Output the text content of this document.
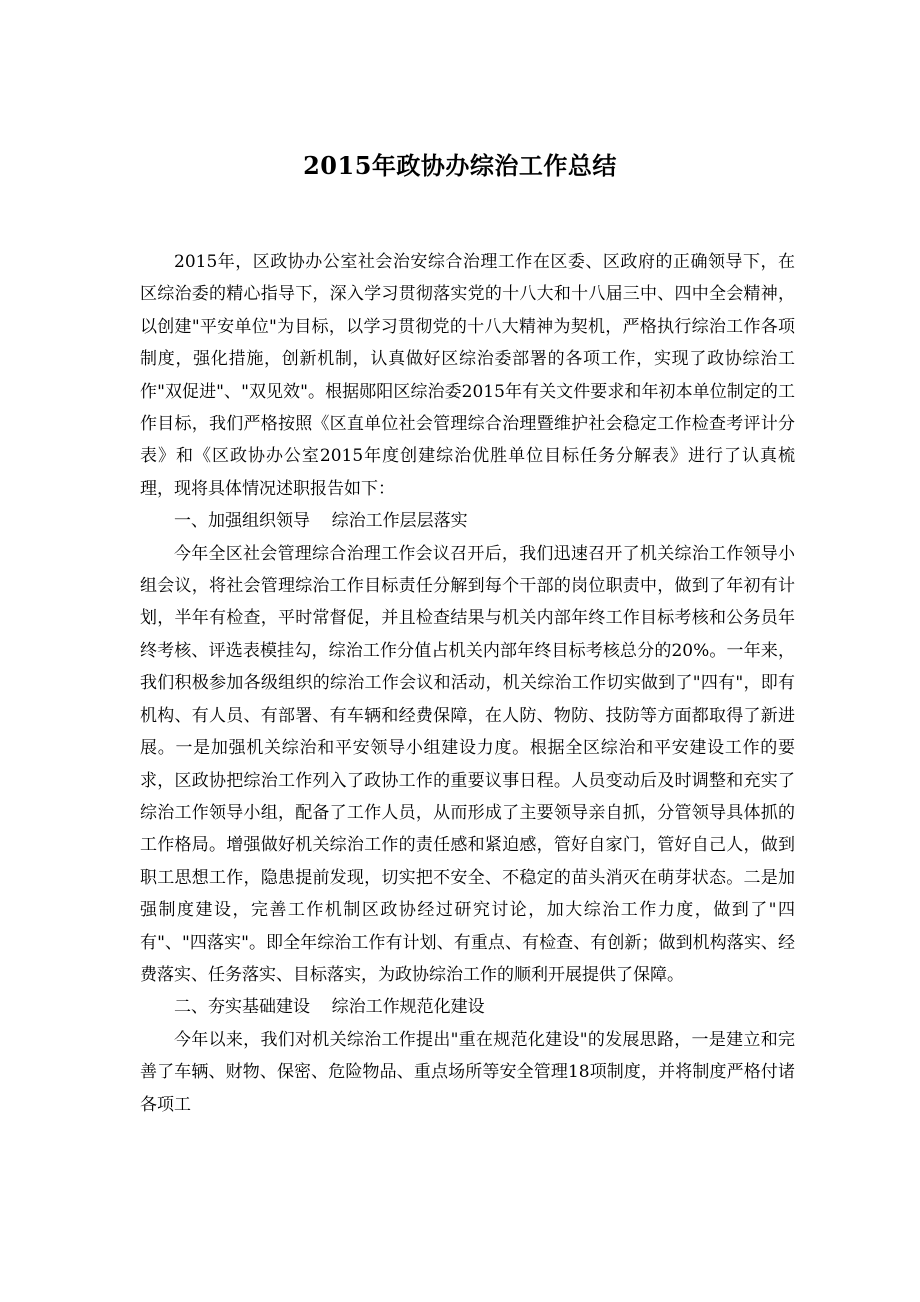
2015年政协办综治工作总结

2015年，区政协办公室社会治安综合治理工作在区委、区政府的正确领导下，在区综治委的精心指导下，深入学习贯彻落实党的十八大和十八届三中、四中全会精神，以创建"平安单位"为目标，以学习贯彻党的十八大精神为契机，严格执行综治工作各项制度，强化措施，创新机制，认真做好区综治委部署的各项工作，实现了政协综治工作"双促进"、"双见效"。根据郧阳区综治委2015年有关文件要求和年初本单位制定的工作目标，我们严格按照《区直单位社会管理综合治理暨维护社会稳定工作检查考评计分表》和《区政协办公室2015年度创建综治优胜单位目标任务分解表》进行了认真梳理，现将具体情况述职报告如下：

一、加强组织领导    综治工作层层落实

今年全区社会管理综合治理工作会议召开后，我们迅速召开了机关综治工作领导小组会议，将社会管理综治工作目标责任分解到每个干部的岗位职责中，做到了年初有计划，半年有检查，平时常督促，并且检查结果与机关内部年终工作目标考核和公务员年终考核、评选表模挂勾，综治工作分值占机关内部年终目标考核总分的20%。一年来，我们积极参加各级组织的综治工作会议和活动，机关综治工作切实做到了"四有"，即有机构、有人员、有部署、有车辆和经费保障，在人防、物防、技防等方面都取得了新进展。一是加强机关综治和平安领导小组建设力度。根据全区综治和平安建设工作的要求，区政协把综治工作列入了政协工作的重要议事日程。人员变动后及时调整和充实了综治工作领导小组，配备了工作人员，从而形成了主要领导亲自抓，分管领导具体抓的工作格局。增强做好机关综治工作的责任感和紧迫感，管好自家门，管好自己人，做到职工思想工作，隐患提前发现，切实把不安全、不稳定的苗头消灭在萌芽状态。二是加强制度建设，完善工作机制区政协经过研究讨论，加大综治工作力度，做到了"四有"、"四落实"。即全年综治工作有计划、有重点、有检查、有创新；做到机构落实、经费落实、任务落实、目标落实，为政协综治工作的顺利开展提供了保障。

二、夯实基础建设    综治工作规范化建设

今年以来，我们对机关综治工作提出"重在规范化建设"的发展思路，一是建立和完善了车辆、财物、保密、危险物品、重点场所等安全管理18项制度，并将制度严格付诸各项工
